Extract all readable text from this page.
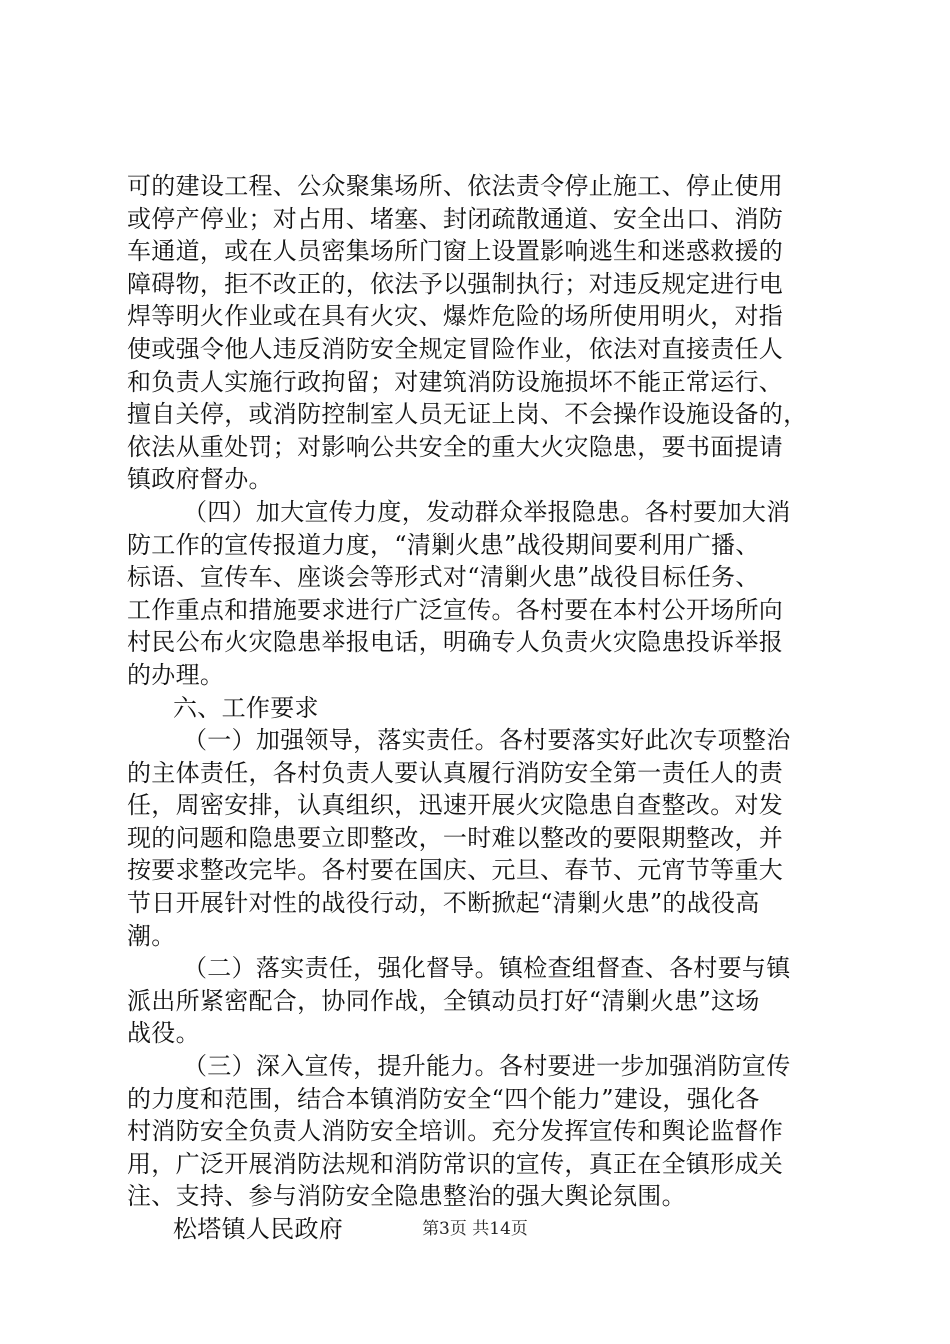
可的建设工程、公众聚集场所、依法责令停止施工、停止使用
或停产停业；对占用、堵塞、封闭疏散通道、安全出口、消防
车通道，或在人员密集场所门窗上设置影响逃生和迷惑救援的
障碍物，拒不改正的，依法予以强制执行；对违反规定进行电
焊等明火作业或在具有火灾、爆炸危险的场所使用明火，对指
使或强令他人违反消防安全规定冒险作业，依法对直接责任人
和负责人实施行政拘留；对建筑消防设施损坏不能正常运行、
擅自关停，或消防控制室人员无证上岗、不会操作设施设备的，
依法从重处罚；对影响公共安全的重大火灾隐患，要书面提请
镇政府督办。
（四）加大宣传力度，发动群众举报隐患。各村要加大消
防工作的宣传报道力度，“清剿火患”战役期间要利用广播、
标语、宣传车、座谈会等形式对“清剿火患”战役目标任务、
工作重点和措施要求进行广泛宣传。各村要在本村公开场所向
村民公布火灾隐患举报电话，明确专人负责火灾隐患投诉举报
的办理。
六、工作要求
（一）加强领导，落实责任。各村要落实好此次专项整治
的主体责任，各村负责人要认真履行消防安全第一责任人的责
任，周密安排，认真组织，迅速开展火灾隐患自查整改。对发
现的问题和隐患要立即整改，一时难以整改的要限期整改，并
按要求整改完毕。各村要在国庆、元旦、春节、元宵节等重大
节日开展针对性的战役行动，不断掀起“清剿火患”的战役高
潮。
（二）落实责任，强化督导。镇检查组督查、各村要与镇
派出所紧密配合，协同作战，全镇动员打好“清剿火患”这场
战役。
（三）深入宣传，提升能力。各村要进一步加强消防宣传
的力度和范围，结合本镇消防安全“四个能力”建设，强化各
村消防安全负责人消防安全培训。充分发挥宣传和舆论监督作
用，广泛开展消防法规和消防常识的宣传，真正在全镇形成关
注、支持、参与消防安全隐患整治的强大舆论氛围。
松塔镇人民政府	第3页 共14页
